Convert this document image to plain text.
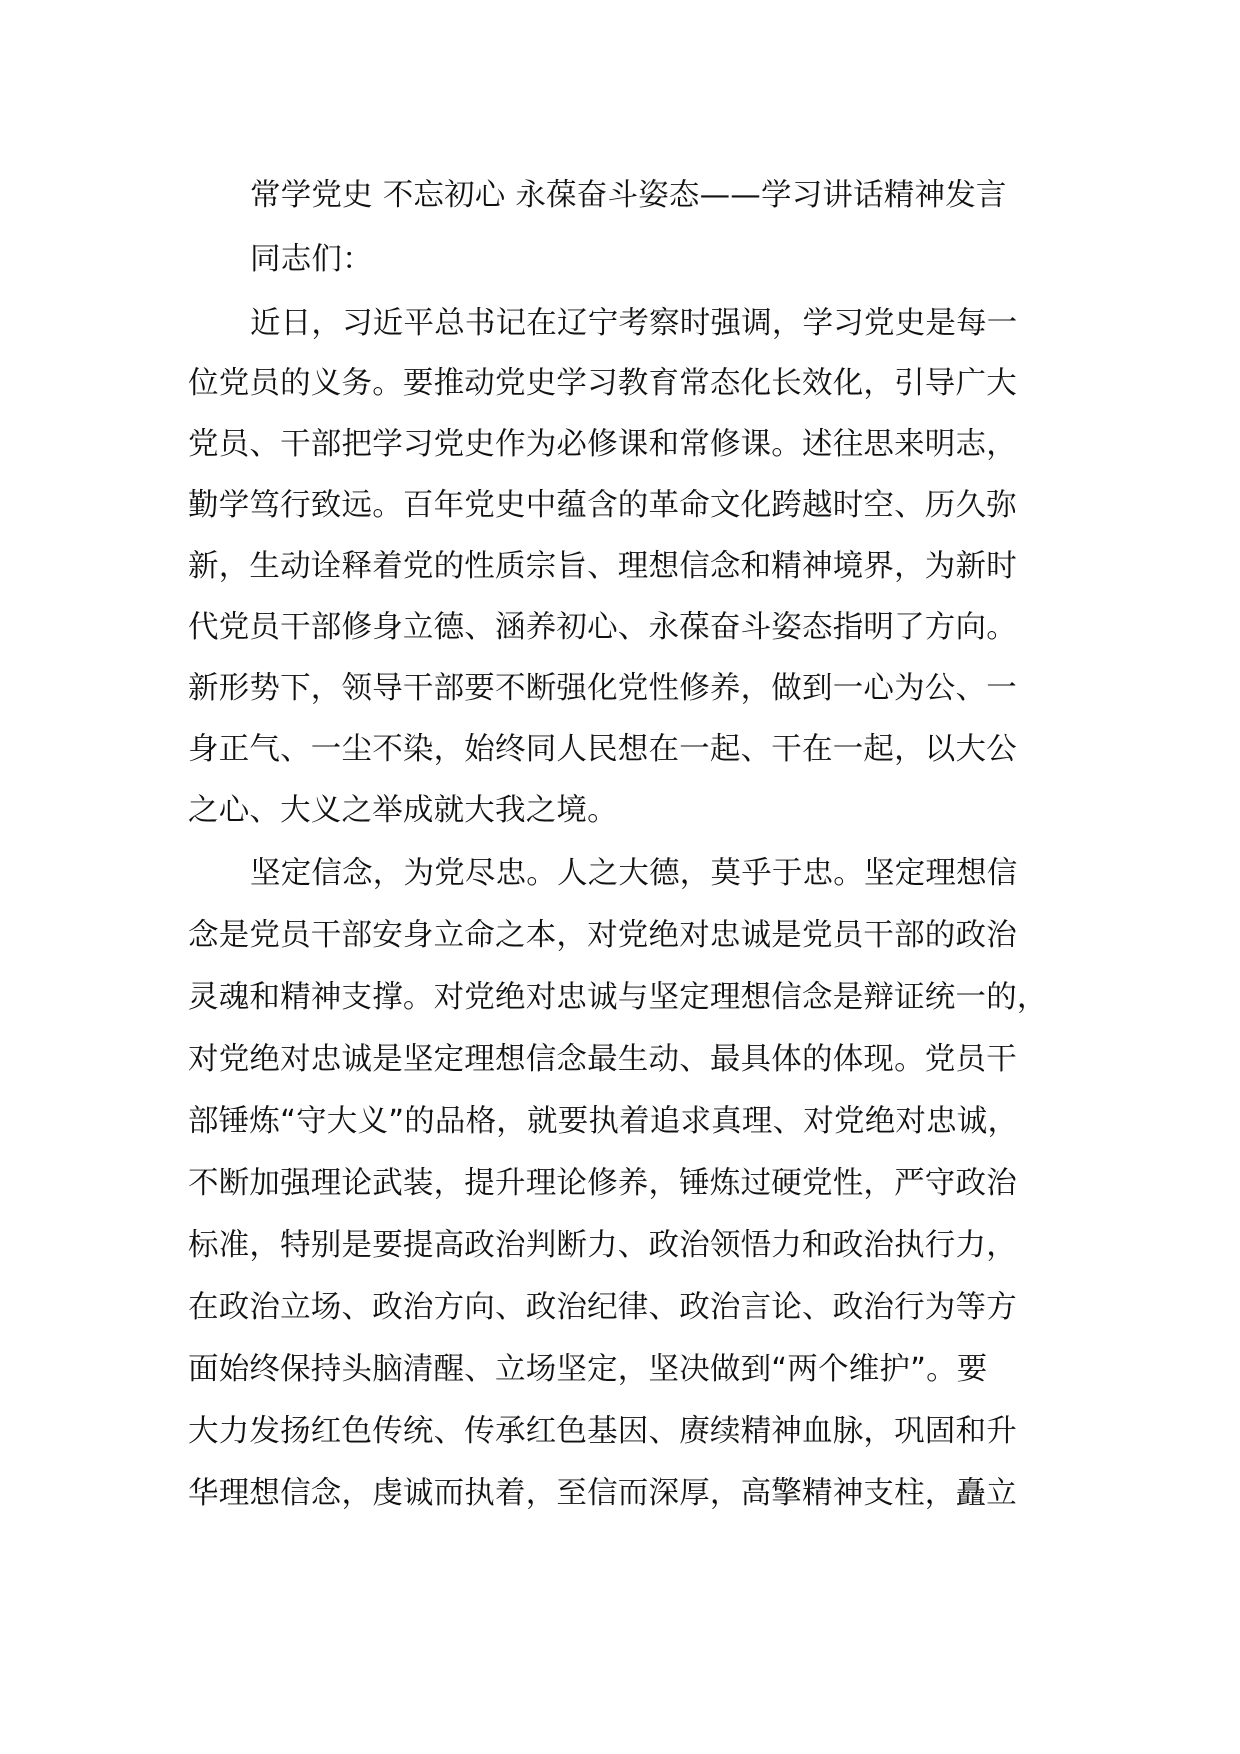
常学党史 不忘初心 永葆奋斗姿态——学习讲话精神发言
同志们：
近日，习近平总书记在辽宁考察时强调，学习党史是每一
位党员的义务。要推动党史学习教育常态化长效化，引导广大
党员、干部把学习党史作为必修课和常修课。述往思来明志，
勤学笃行致远。百年党史中蕴含的革命文化跨越时空、历久弥
新，生动诠释着党的性质宗旨、理想信念和精神境界，为新时
代党员干部修身立德、涵养初心、永葆奋斗姿态指明了方向。
新形势下，领导干部要不断强化党性修养，做到一心为公、一
身正气、一尘不染，始终同人民想在一起、干在一起，以大公
之心、大义之举成就大我之境。
坚定信念，为党尽忠。人之大德，莫乎于忠。坚定理想信
念是党员干部安身立命之本，对党绝对忠诚是党员干部的政治
灵魂和精神支撑。对党绝对忠诚与坚定理想信念是辩证统一的，
对党绝对忠诚是坚定理想信念最生动、最具体的体现。党员干
部锤炼“守大义”的品格，就要执着追求真理、对党绝对忠诚，
不断加强理论武装，提升理论修养，锤炼过硬党性，严守政治
标准，特别是要提高政治判断力、政治领悟力和政治执行力，
在政治立场、政治方向、政治纪律、政治言论、政治行为等方
面始终保持头脑清醒、立场坚定，坚决做到“两个维护”。要
大力发扬红色传统、传承红色基因、赓续精神血脉，巩固和升
华理想信念，虔诚而执着，至信而深厚，高擎精神支柱，矗立
